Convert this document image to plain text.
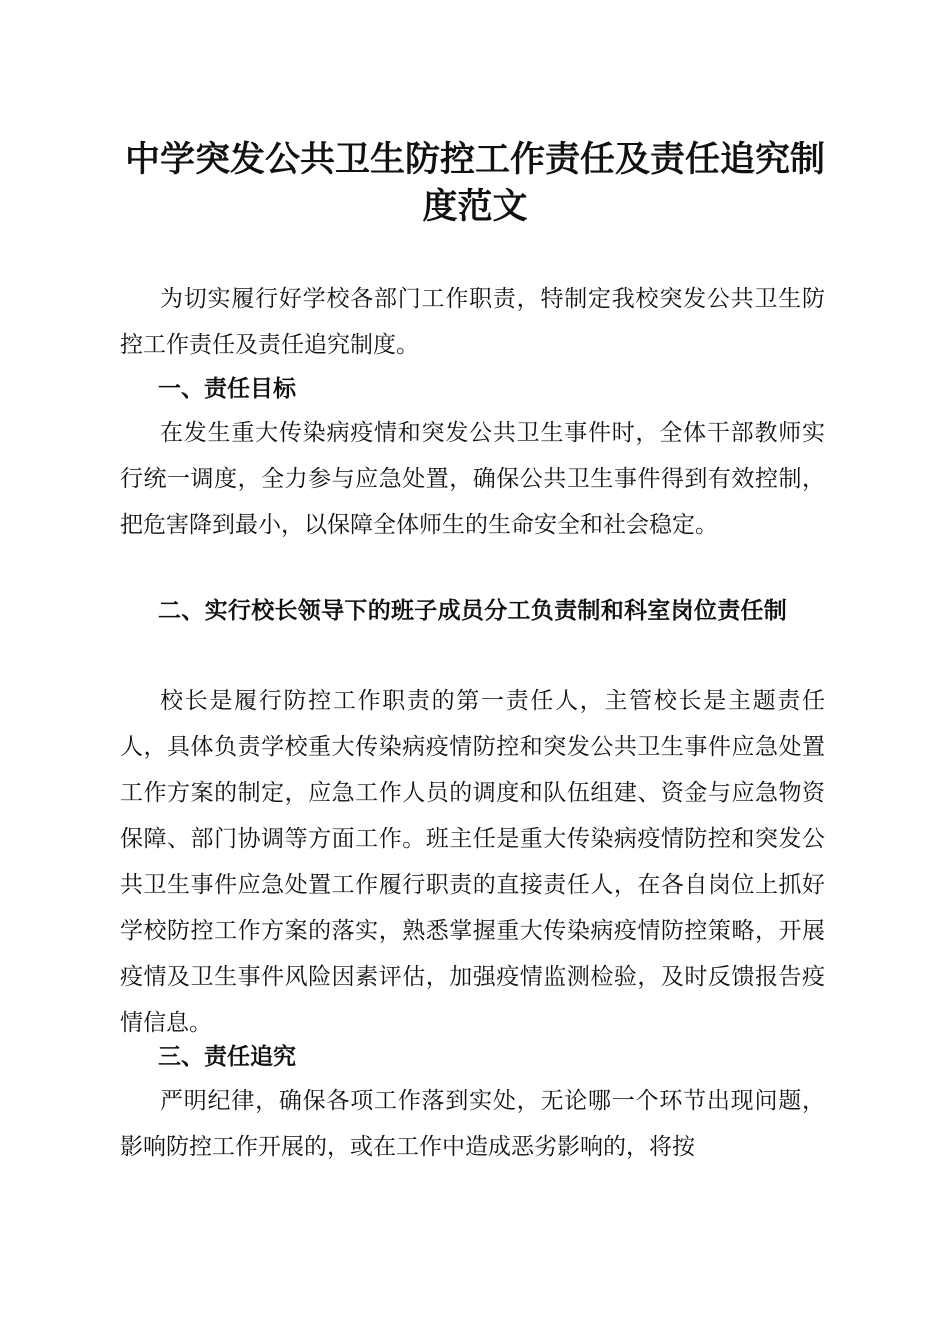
中学突发公共卫生防控工作责任及责任追究制
度范文

为切实履行好学校各部门工作职责，特制定我校突发公共卫生防控工作责任及责任追究制度。

一、责任目标

在发生重大传染病疫情和突发公共卫生事件时，全体干部教师实行统一调度，全力参与应急处置，确保公共卫生事件得到有效控制，把危害降到最小，以保障全体师生的生命安全和社会稳定。

二、实行校长领导下的班子成员分工负责制和科室岗位责任制

校长是履行防控工作职责的第一责任人，主管校长是主题责任人，具体负责学校重大传染病疫情防控和突发公共卫生事件应急处置工作方案的制定，应急工作人员的调度和队伍组建、资金与应急物资保障、部门协调等方面工作。班主任是重大传染病疫情防控和突发公共卫生事件应急处置工作履行职责的直接责任人，在各自岗位上抓好学校防控工作方案的落实，熟悉掌握重大传染病疫情防控策略，开展疫情及卫生事件风险因素评估，加强疫情监测检验，及时反馈报告疫情信息。

三、责任追究

严明纪律，确保各项工作落到实处，无论哪一个环节出现问题，影响防控工作开展的，或在工作中造成恶劣影响的，将按
